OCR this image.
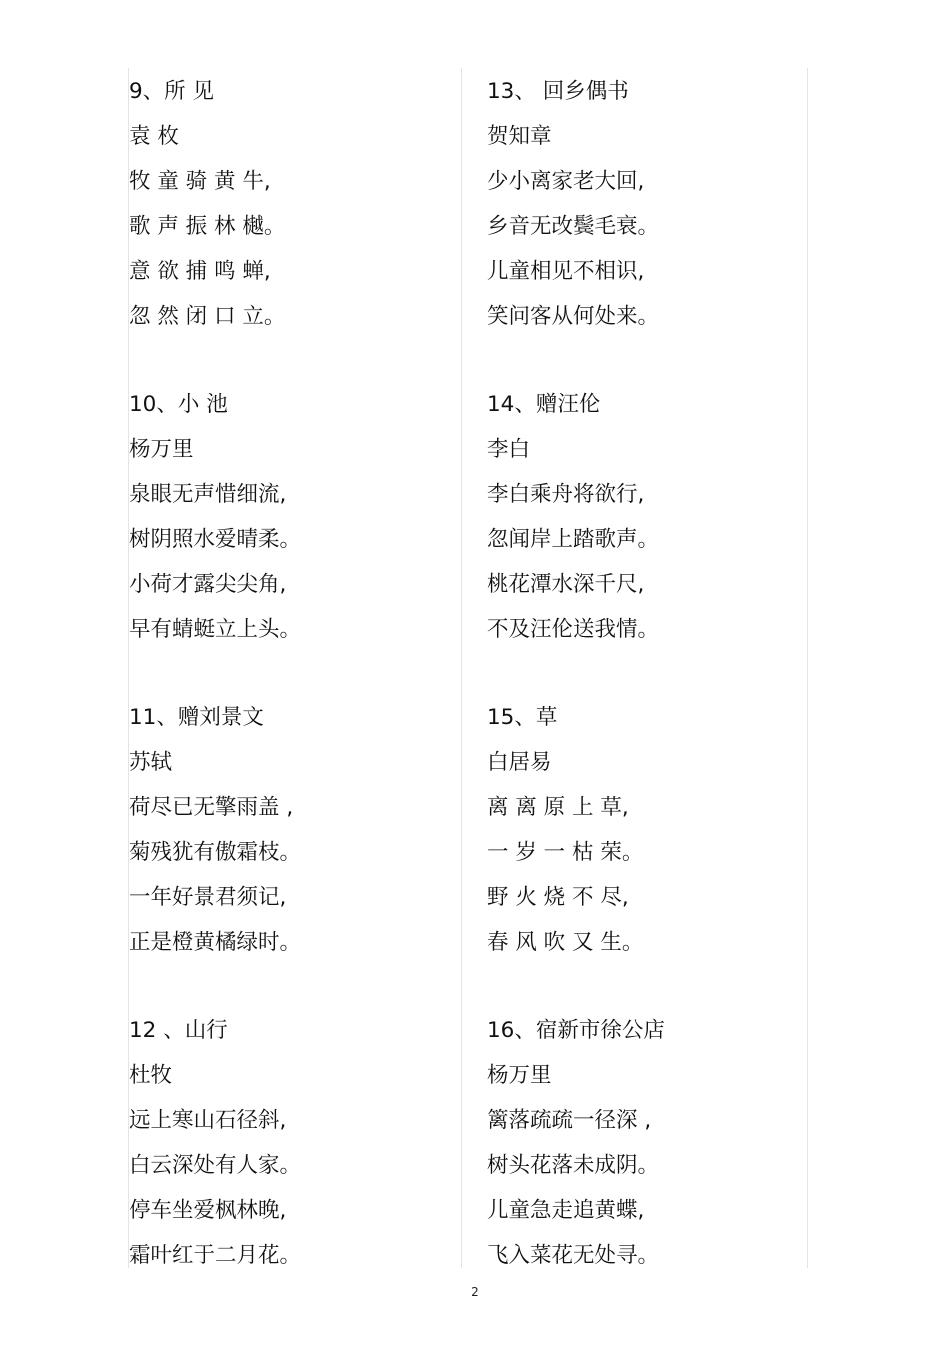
9、所 见
袁 枚
牧 童 骑 黄 牛,
歌 声 振 林 樾。
意 欲 捕 鸣 蝉,
忽 然 闭 口 立。
10、小 池
杨万里
泉眼无声惜细流,
树阴照水爱晴柔。
小荷才露尖尖角,
早有蜻蜓立上头。
11、赠刘景文
苏轼
荷尽已无擎雨盖 ,
菊残犹有傲霜枝。
一年好景君须记,
正是橙黄橘绿时。
12 、山行
杜牧
远上寒山石径斜,
白云深处有人家。
停车坐爱枫林晚,
霜叶红于二月花。
13、 回乡偶书
贺知章
少小离家老大回,
乡音无改鬓毛衰。
儿童相见不相识,
笑问客从何处来。
14、赠汪伦
李白
李白乘舟将欲行,
忽闻岸上踏歌声。
桃花潭水深千尺,
不及汪伦送我情。
15、草
白居易
离 离 原 上 草,
一 岁 一 枯 荣。
野 火 烧 不 尽,
春 风 吹 又 生。
16、宿新市徐公店
杨万里
篱落疏疏一径深 ,
树头花落未成阴。
儿童急走追黄蝶,
飞入菜花无处寻。
2
